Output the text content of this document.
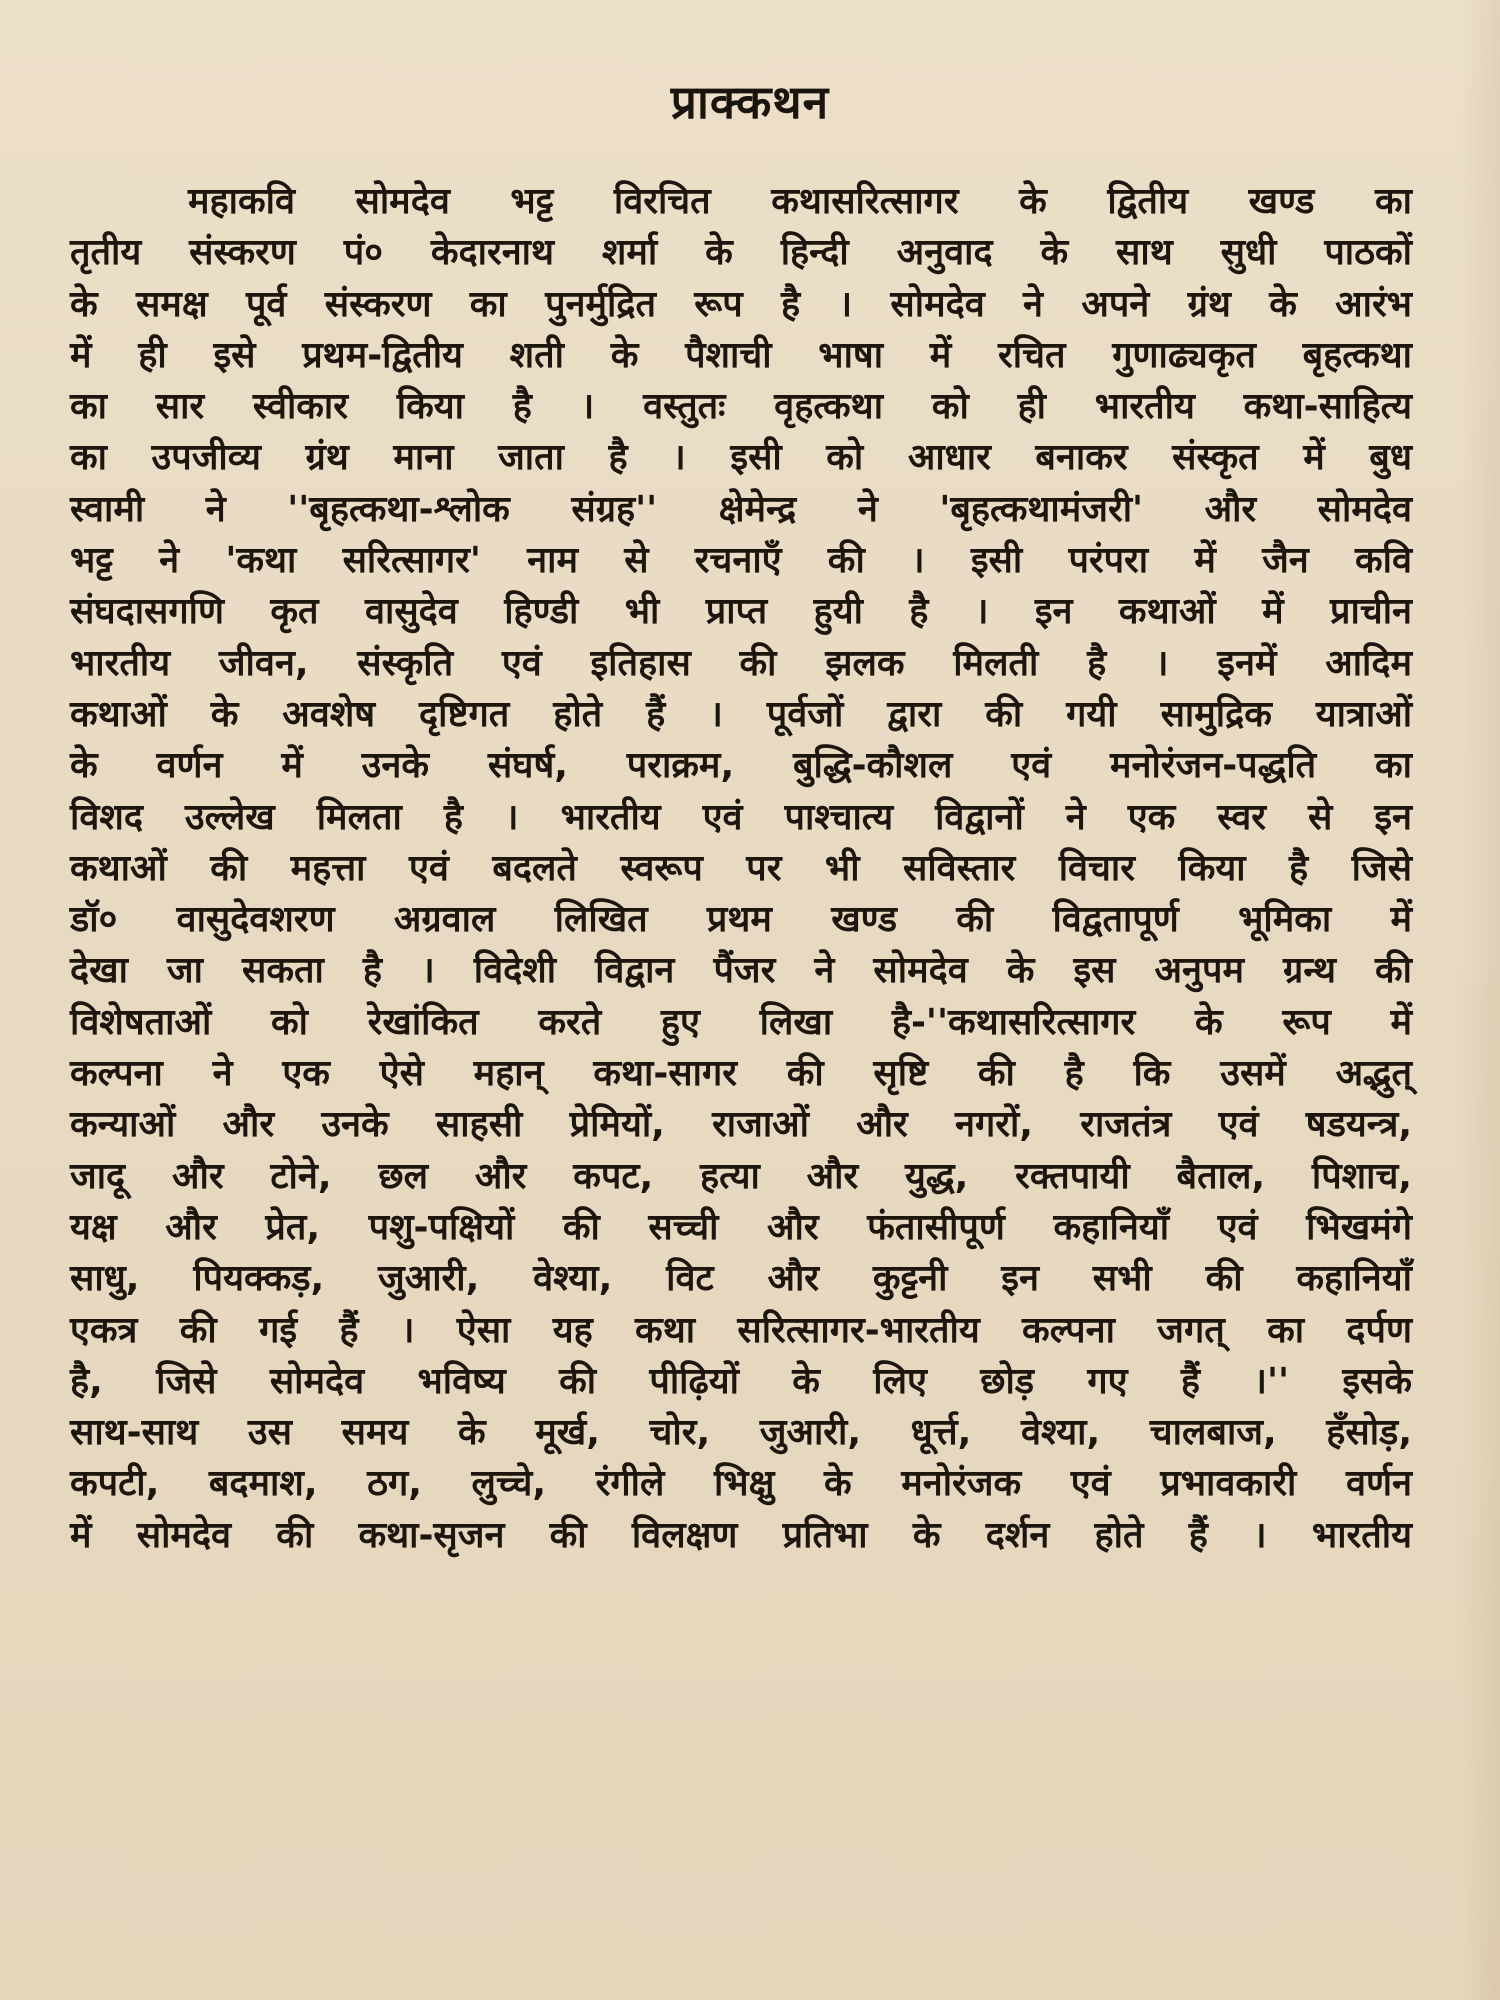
प्राक्कथन
महाकवि सोमदेव भट्ट विरचित कथासरित्सागर के द्वितीय खण्ड का
तृतीय संस्करण पं० केदारनाथ शर्मा के हिन्दी अनुवाद के साथ सुधी पाठकों
के समक्ष पूर्व संस्करण का पुनर्मुद्रित रूप है । सोमदेव ने अपने ग्रंथ के आरंभ
में ही इसे प्रथम-द्वितीय शती के पैशाची भाषा में रचित गुणाढ्यकृत बृहत्कथा
का सार स्वीकार किया है । वस्तुतः वृहत्कथा को ही भारतीय कथा-साहित्य
का उपजीव्य ग्रंथ माना जाता है । इसी को आधार बनाकर संस्कृत में बुध
स्वामी ने ''बृहत्कथा-श्लोक संग्रह'' क्षेमेन्द्र ने 'बृहत्कथामंजरी' और सोमदेव
भट्ट ने 'कथा सरित्सागर' नाम से रचनाएँ की । इसी परंपरा में जैन कवि
संघदासगणि कृत वासुदेव हिण्डी भी प्राप्त हुयी है । इन कथाओं में प्राचीन
भारतीय जीवन, संस्कृति एवं इतिहास की झलक मिलती है । इनमें आदिम
कथाओं के अवशेष दृष्टिगत होते हैं । पूर्वजों द्वारा की गयी सामुद्रिक यात्राओं
के वर्णन में उनके संघर्ष, पराक्रम, बुद्धि-कौशल एवं मनोरंजन-पद्धति का
विशद उल्लेख मिलता है । भारतीय एवं पाश्चात्य विद्वानों ने एक स्वर से इन
कथाओं की महत्ता एवं बदलते स्वरूप पर भी सविस्तार विचार किया है जिसे
डॉ० वासुदेवशरण अग्रवाल लिखित प्रथम खण्ड की विद्वतापूर्ण भूमिका में
देखा जा सकता है । विदेशी विद्वान पैंजर ने सोमदेव के इस अनुपम ग्रन्थ की
विशेषताओं को रेखांकित करते हुए लिखा है-''कथासरित्सागर के रूप में
कल्पना ने एक ऐसे महान् कथा-सागर की सृष्टि की है कि उसमें अद्भुत्
कन्याओं और उनके साहसी प्रेमियों, राजाओं और नगरों, राजतंत्र एवं षडयन्त्र,
जादू और टोने, छल और कपट, हत्या और युद्ध, रक्तपायी बैताल, पिशाच,
यक्ष और प्रेत, पशु-पक्षियों की सच्ची और फंतासीपूर्ण कहानियाँ एवं भिखमंगे
साधु, पियक्कड़, जुआरी, वेश्या, विट और कुट्टनी इन सभी की कहानियाँ
एकत्र की गई हैं । ऐसा यह कथा सरित्सागर-भारतीय कल्पना जगत् का दर्पण
है, जिसे सोमदेव भविष्य की पीढ़ियों के लिए छोड़ गए हैं ।'' इसके
साथ-साथ उस समय के मूर्ख, चोर, जुआरी, धूर्त्त, वेश्या, चालबाज, हँसोड़,
कपटी, बदमाश, ठग, लुच्चे, रंगीले भिक्षु के मनोरंजक एवं प्रभावकारी वर्णन
में सोमदेव की कथा-सृजन की विलक्षण प्रतिभा के दर्शन होते हैं । भारतीय
